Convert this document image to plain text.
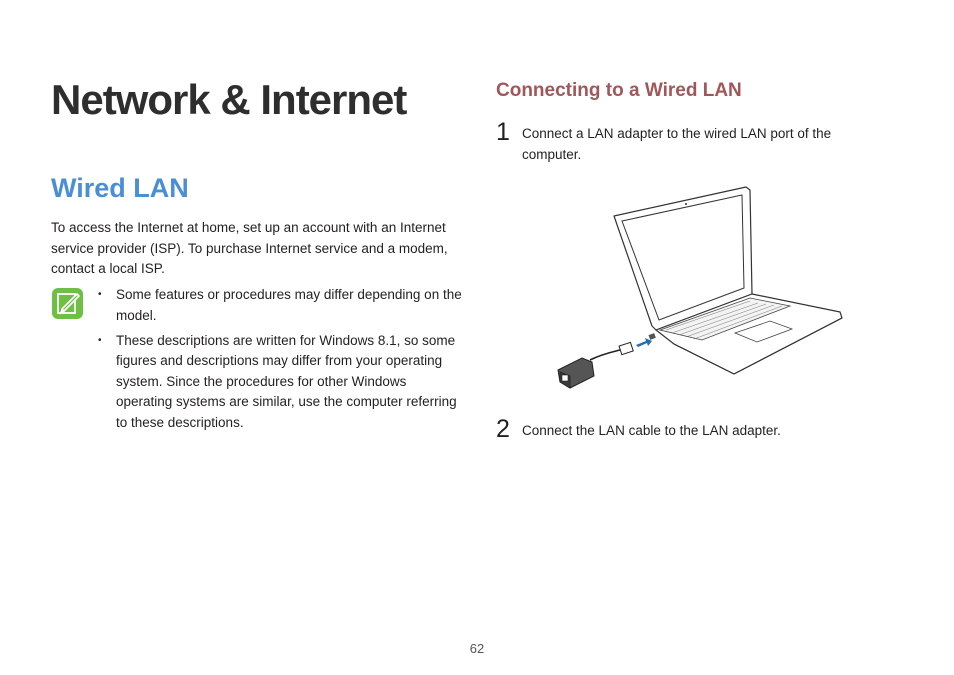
Network & Internet
Wired LAN

To access the Internet at home, set up an account with an Internet service provider (ISP). To purchase Internet service and a modem, contact a local ISP.

• Some features or procedures may differ depending on the model.
• These descriptions are written for Windows 8.1, so some figures and descriptions may differ from your operating system. Since the procedures for other Windows operating systems are similar, use the computer referring to these descriptions.
Connecting to a Wired LAN
1 Connect a LAN adapter to the wired LAN port of the computer.
2 Connect the LAN cable to the LAN adapter.
62
